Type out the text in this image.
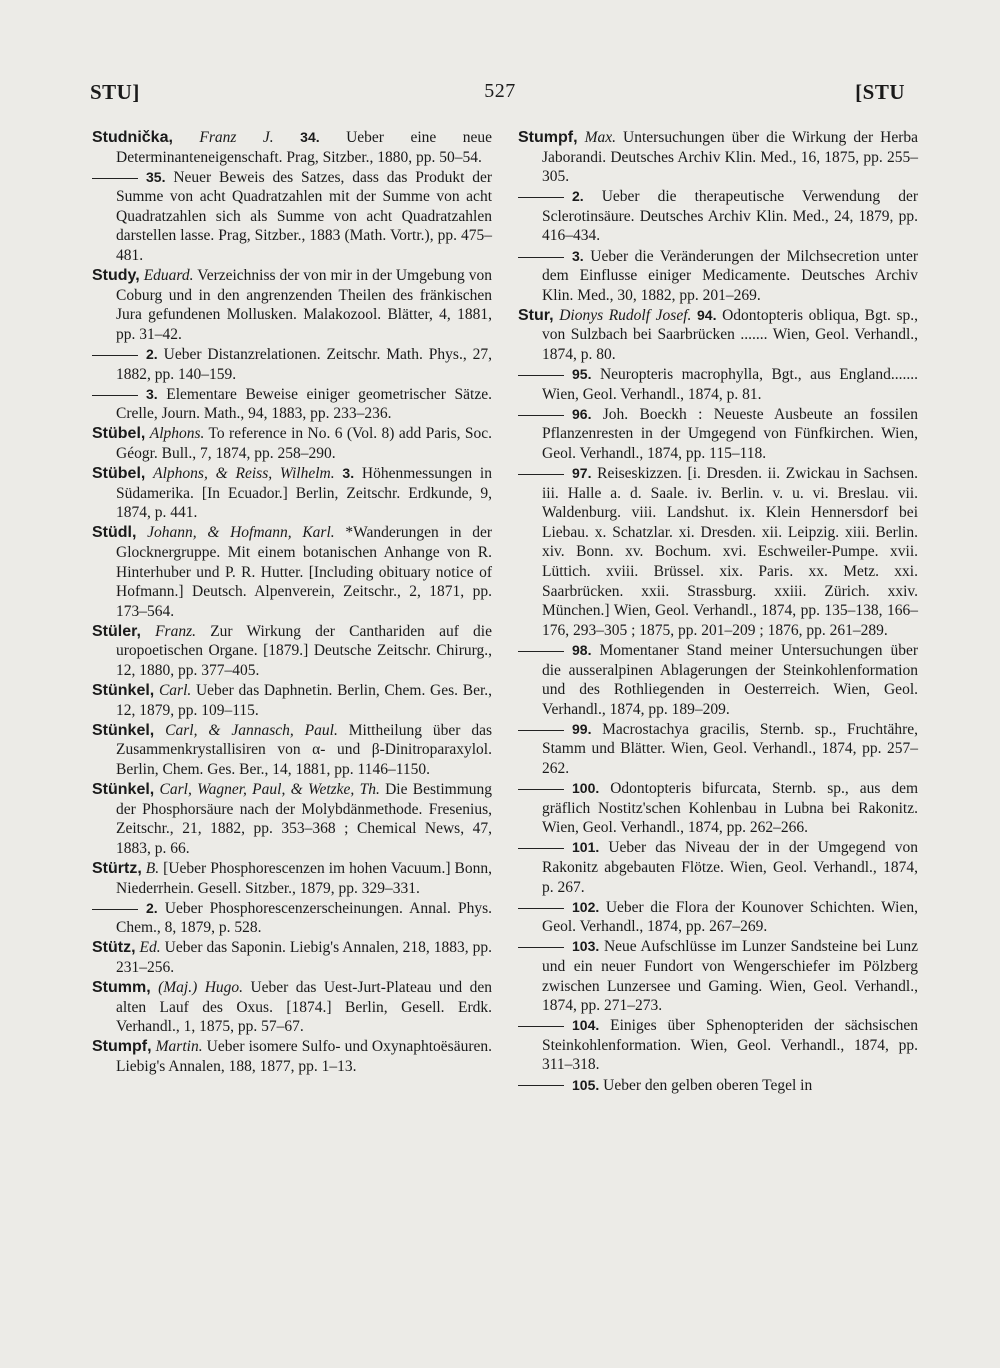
STU]	527	[STU

Studnička, Franz J. 34. Ueber eine neue Determinanteneigenschaft. Prag, Sitzber., 1880, pp. 50–54.

35. Neuer Beweis des Satzes, dass das Produkt der Summe von acht Quadratzahlen mit der Summe von acht Quadratzahlen sich als Summe von acht Quadratzahlen darstellen lasse. Prag, Sitzber., 1883 (Math. Vortr.), pp. 475–481.

Study, Eduard. Verzeichniss der von mir in der Umgebung von Coburg und in den angrenzenden Theilen des fränkischen Jura gefundenen Mollusken. Malakozool. Blätter, 4, 1881, pp. 31–42.

2. Ueber Distanzrelationen. Zeitschr. Math. Phys., 27, 1882, pp. 140–159.

3. Elementare Beweise einiger geometrischer Sätze. Crelle, Journ. Math., 94, 1883, pp. 233–236.

Stübel, Alphons. To reference in No. 6 (Vol. 8) add Paris, Soc. Géogr. Bull., 7, 1874, pp. 258–290.

Stübel, Alphons, & Reiss, Wilhelm. 3. Höhenmessungen in Südamerika. [In Ecuador.] Berlin, Zeitschr. Erdkunde, 9, 1874, p. 441.

Stüdl, Johann, & Hofmann, Karl. *Wanderungen in der Glocknergruppe. Mit einem botanischen Anhange von R. Hinterhuber und P. R. Hutter. [Including obituary notice of Hofmann.] Deutsch. Alpenverein, Zeitschr., 2, 1871, pp. 173–564.

Stüler, Franz. Zur Wirkung der Canthariden auf die uropoetischen Organe. [1879.] Deutsche Zeitschr. Chirurg., 12, 1880, pp. 377–405.

Stünkel, Carl. Ueber das Daphnetin. Berlin, Chem. Ges. Ber., 12, 1879, pp. 109–115.

Stünkel, Carl, & Jannasch, Paul. Mittheilung über das Zusammenkrystallisiren von α- und β-Dinitroparaxylol. Berlin, Chem. Ges. Ber., 14, 1881, pp. 1146–1150.

Stünkel, Carl, Wagner, Paul, & Wetzke, Th. Die Bestimmung der Phosphorsäure nach der Molybdänmethode. Fresenius, Zeitschr., 21, 1882, pp. 353–368 ; Chemical News, 47, 1883, p. 66.

Stürtz, B. [Ueber Phosphorescenzen im hohen Vacuum.] Bonn, Niederrhein. Gesell. Sitzber., 1879, pp. 329–331.

2. Ueber Phosphorescenzerscheinungen. Annal. Phys. Chem., 8, 1879, p. 528.

Stütz, Ed. Ueber das Saponin. Liebig's Annalen, 218, 1883, pp. 231–256.

Stumm, (Maj.) Hugo. Ueber das Uest-Jurt-Plateau und den alten Lauf des Oxus. [1874.] Berlin, Gesell. Erdk. Verhandl., 1, 1875, pp. 57–67.

Stumpf, Martin. Ueber isomere Sulfo- und Oxynaphtoësäuren. Liebig's Annalen, 188, 1877, pp. 1–13.

Stumpf, Max. Untersuchungen über die Wirkung der Herba Jaborandi. Deutsches Archiv Klin. Med., 16, 1875, pp. 255–305.

2. Ueber die therapeutische Verwendung der Sclerotinsäure. Deutsches Archiv Klin. Med., 24, 1879, pp. 416–434.

3. Ueber die Veränderungen der Milchsecretion unter dem Einflusse einiger Medicamente. Deutsches Archiv Klin. Med., 30, 1882, pp. 201–269.

Stur, Dionys Rudolf Josef. 94. Odontopteris obliqua, Bgt. sp., von Sulzbach bei Saarbrücken ....... Wien, Geol. Verhandl., 1874, p. 80.

95. Neuropteris macrophylla, Bgt., aus England....... Wien, Geol. Verhandl., 1874, p. 81.

96. Joh. Boeckh : Neueste Ausbeute an fossilen Pflanzenresten in der Umgegend von Fünfkirchen. Wien, Geol. Verhandl., 1874, pp. 115–118.

97. Reiseskizzen. [i. Dresden. ii. Zwickau in Sachsen. iii. Halle a. d. Saale. iv. Berlin. v. u. vi. Breslau. vii. Waldenburg. viii. Landshut. ix. Klein Hennersdorf bei Liebau. x. Schatzlar. xi. Dresden. xii. Leipzig. xiii. Berlin. xiv. Bonn. xv. Bochum. xvi. Eschweiler-Pumpe. xvii. Lüttich. xviii. Brüssel. xix. Paris. xx. Metz. xxi. Saarbrücken. xxii. Strassburg. xxiii. Zürich. xxiv. München.] Wien, Geol. Verhandl., 1874, pp. 135–138, 166–176, 293–305 ; 1875, pp. 201–209 ; 1876, pp. 261–289.

98. Momentaner Stand meiner Untersuchungen über die ausseralpinen Ablagerungen der Steinkohlenformation und des Rothliegenden in Oesterreich. Wien, Geol. Verhandl., 1874, pp. 189–209.

99. Macrostachya gracilis, Sternb. sp., Fruchtähre, Stamm und Blätter. Wien, Geol. Verhandl., 1874, pp. 257–262.

100. Odontopteris bifurcata, Sternb. sp., aus dem gräflich Nostitz'schen Kohlenbau in Lubna bei Rakonitz. Wien, Geol. Verhandl., 1874, pp. 262–266.

101. Ueber das Niveau der in der Umgegend von Rakonitz abgebauten Flötze. Wien, Geol. Verhandl., 1874, p. 267.

102. Ueber die Flora der Kounover Schichten. Wien, Geol. Verhandl., 1874, pp. 267–269.

103. Neue Aufschlüsse im Lunzer Sandsteine bei Lunz und ein neuer Fundort von Wengerschiefer im Pölzberg zwischen Lunzersee und Gaming. Wien, Geol. Verhandl., 1874, pp. 271–273.

104. Einiges über Sphenopteriden der sächsischen Steinkohlenformation. Wien, Geol. Verhandl., 1874, pp. 311–318.

105. Ueber den gelben oberen Tegel in
